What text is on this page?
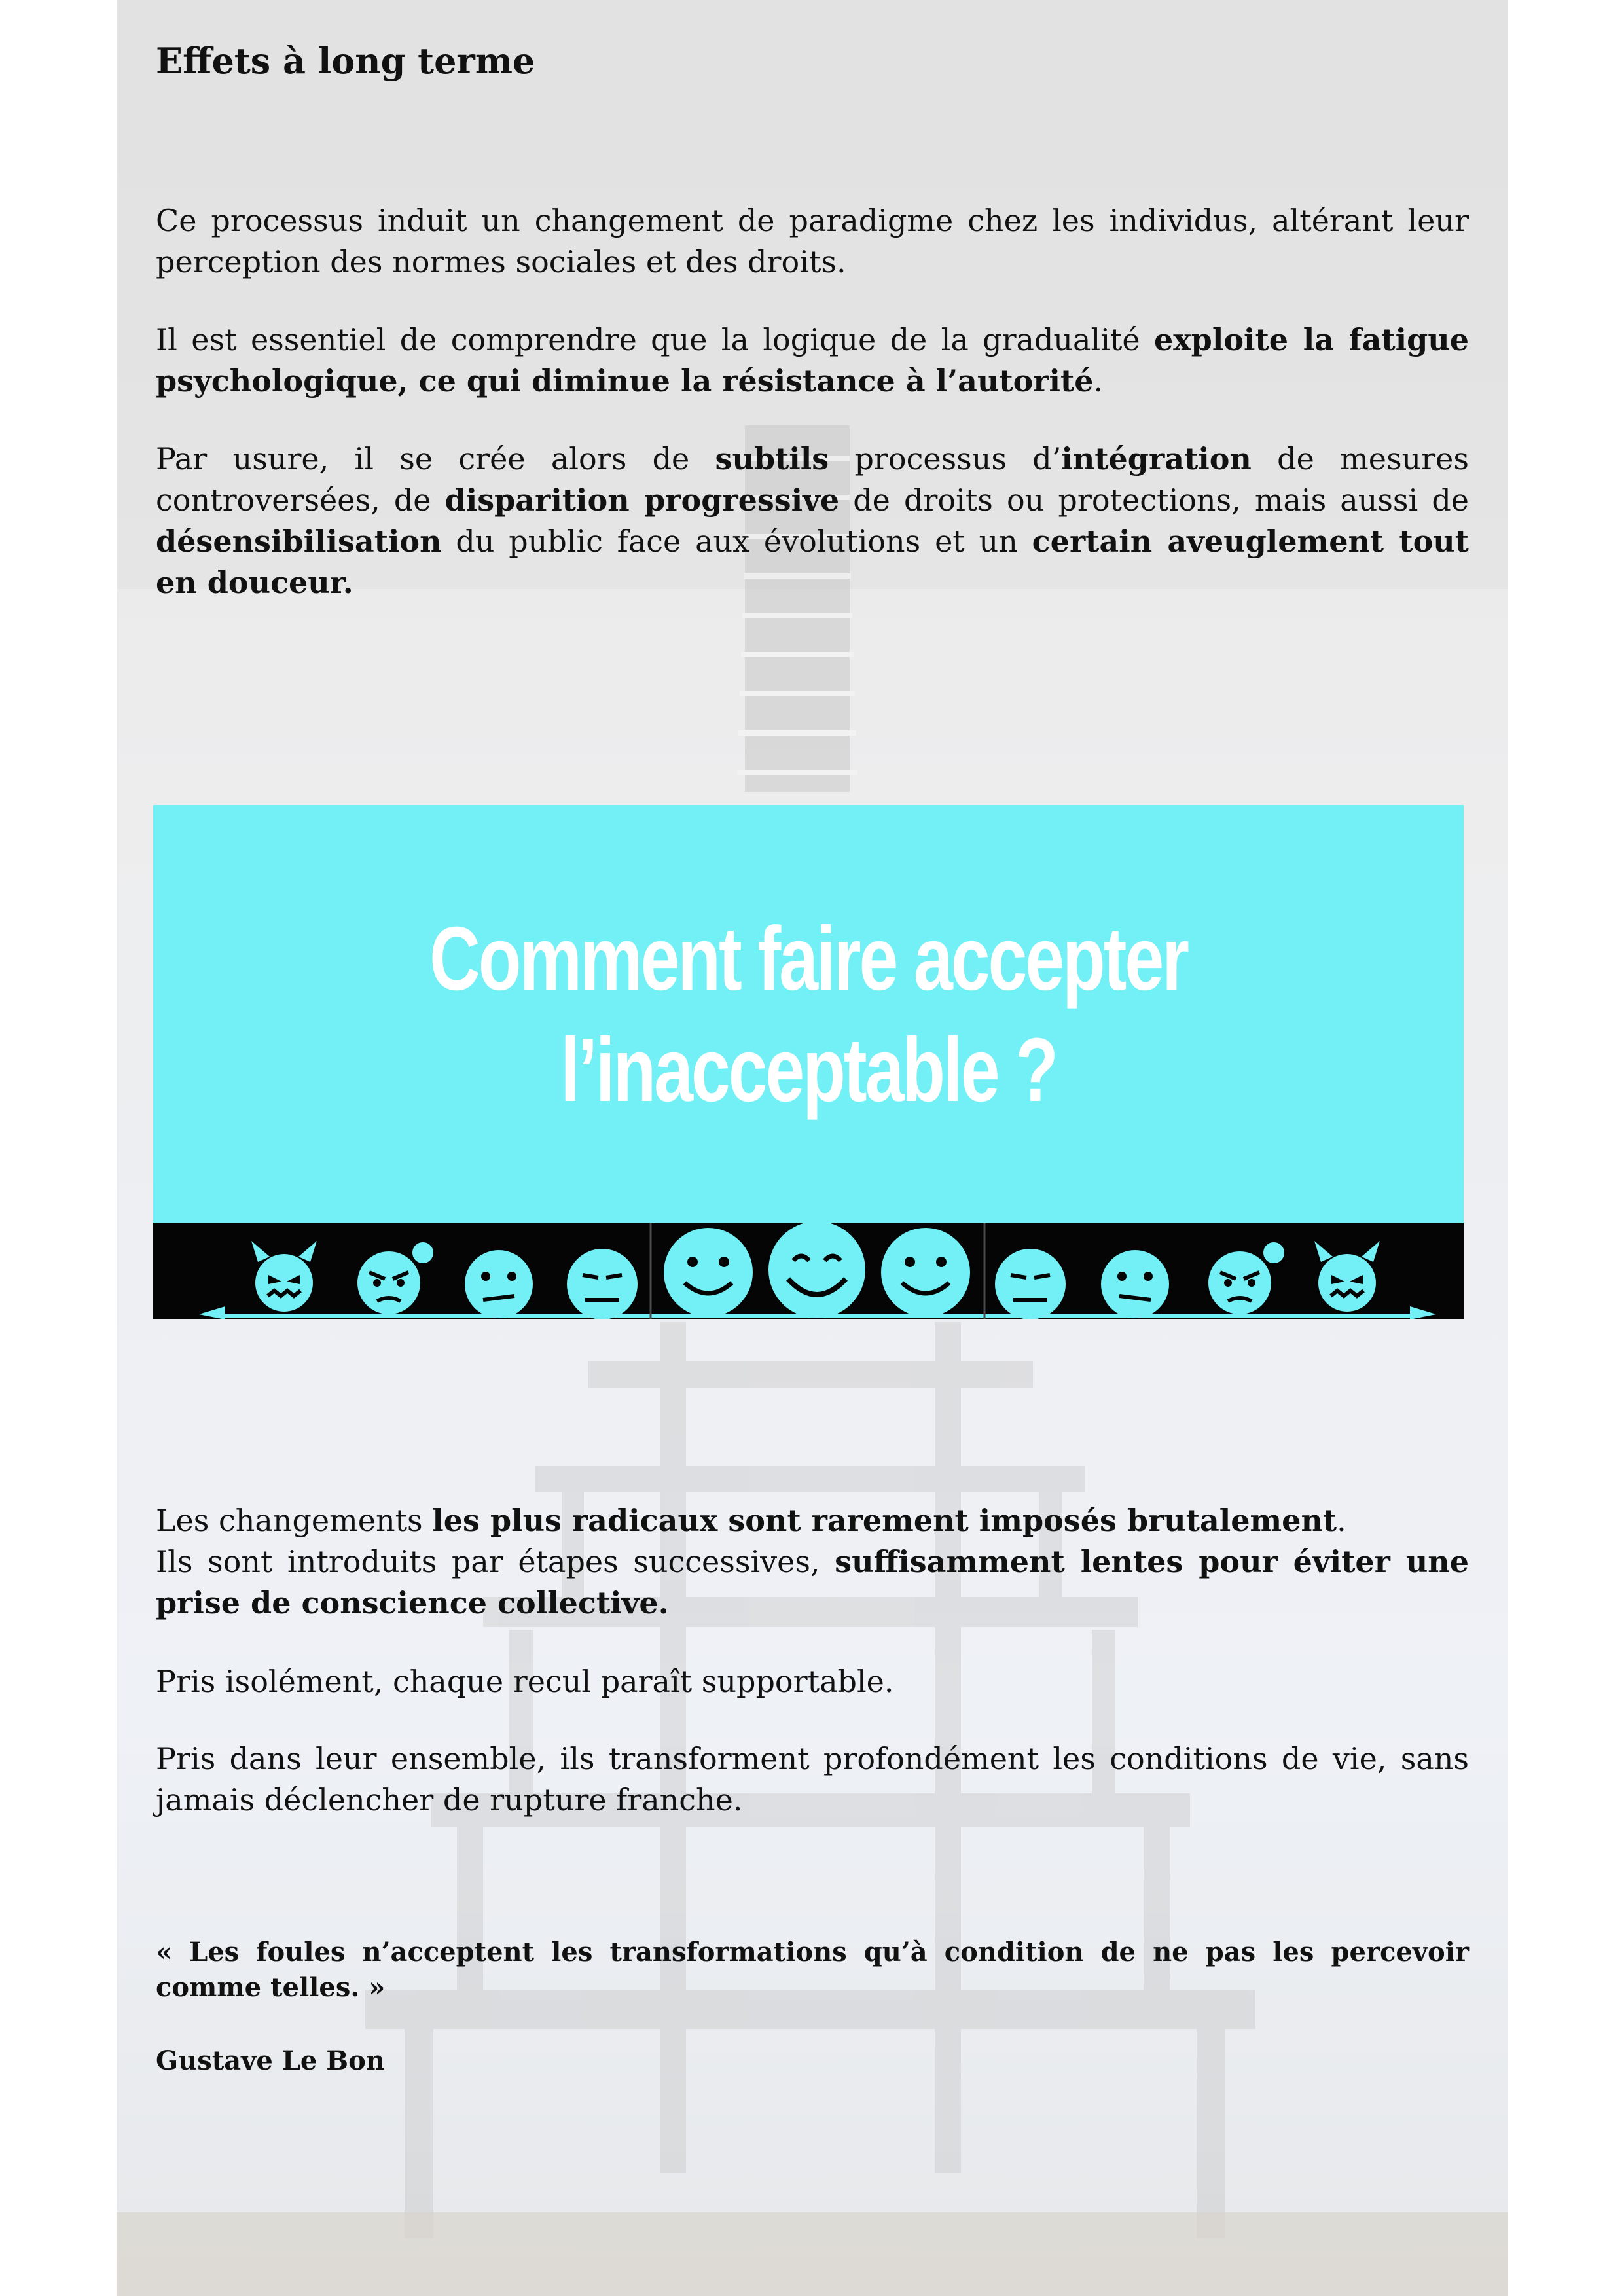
Effets à long terme

Ce processus induit un changement de paradigme chez les individus, altérant leur perception des normes sociales et des droits.

Il est essentiel de comprendre que la logique de la gradualité exploite la fatigue psychologique, ce qui diminue la résistance à l’autorité.

Par usure, il se crée alors de subtils processus d’intégration de mesures controversées, de disparition progressive de droits ou protections, mais aussi de désensibilisation du public face aux évolutions et un certain aveuglement tout en douceur.

Comment faire accepter
l’inacceptable ?
Les changements les plus radicaux sont rarement imposés brutalement.
Ils sont introduits par étapes successives, suffisamment lentes pour éviter une prise de conscience collective.

Pris isolément, chaque recul paraît supportable.

Pris dans leur ensemble, ils transforment profondément les conditions de vie, sans jamais déclencher de rupture franche.

« Les foules n’acceptent les transformations qu’à condition de ne pas les percevoir comme telles. »

Gustave Le Bon
